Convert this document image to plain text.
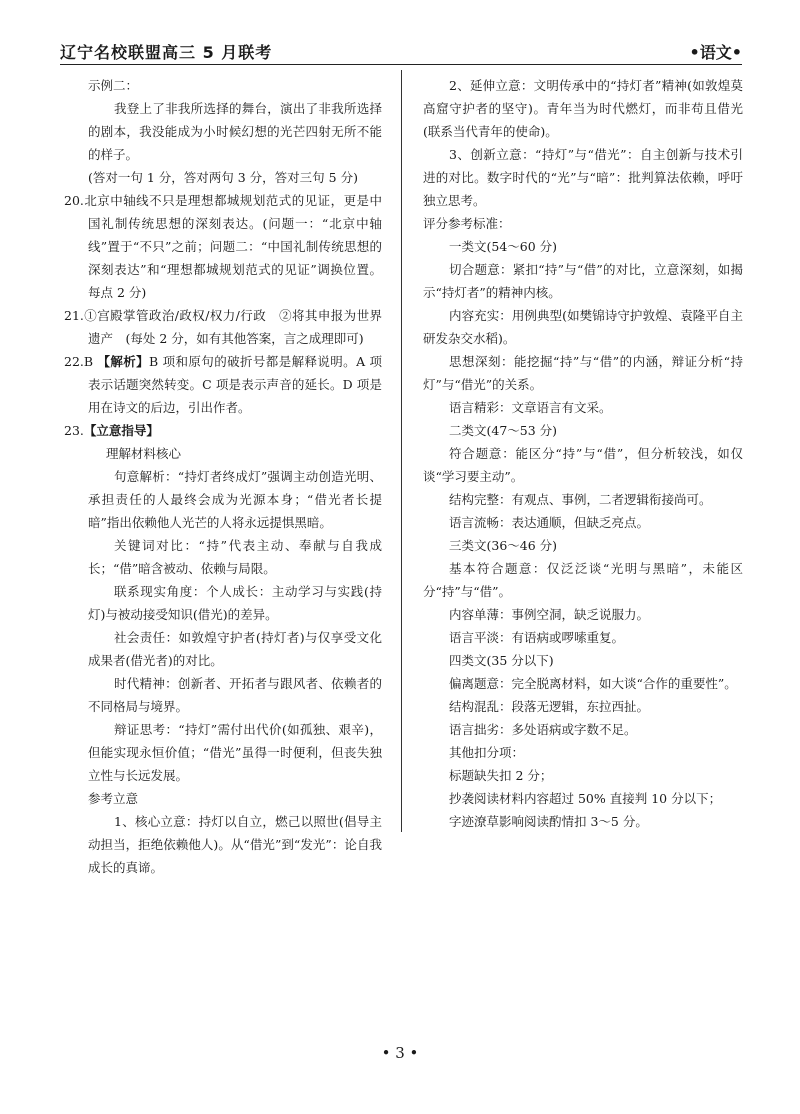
辽宁名校联盟高三 5 月联考	•语文•

示例二：

我登上了非我所选择的舞台，演出了非我所选择的剧本，我没能成为小时候幻想的光芒四射无所不能的样子。

(答对一句 1 分，答对两句 3 分，答对三句 5 分)

20.北京中轴线不只是理想都城规划范式的见证，更是中国礼制传统思想的深刻表达。(问题一：“北京中轴线”置于“不只”之前；问题二：“中国礼制传统思想的深刻表达”和“理想都城规划范式的见证”调换位置。每点 2 分)

21.①宫殿掌管政治/政权/权力/行政　②将其申报为世界遗产　(每处 2 分，如有其他答案，言之成理即可)

22.B 【解析】B 项和原句的破折号都是解释说明。A 项表示话题突然转变。C 项是表示声音的延长。D 项是用在诗文的后边，引出作者。

23.【立意指导】

理解材料核心

句意解析：“持灯者终成灯”强调主动创造光明、承担责任的人最终会成为光源本身；“借光者长提暗”指出依赖他人光芒的人将永远提惧黑暗。

关键词对比：“持”代表主动、奉献与自我成长；“借”暗含被动、依赖与局限。

联系现实角度：个人成长：主动学习与实践(持灯)与被动接受知识(借光)的差异。

社会责任：如敦煌守护者(持灯者)与仅享受文化成果者(借光者)的对比。

时代精神：创新者、开拓者与跟风者、依赖者的不同格局与境界。

辩证思考：“持灯”需付出代价(如孤独、艰辛)，但能实现永恒价值；“借光”虽得一时便利，但丧失独立性与长远发展。

参考立意

1、核心立意：持灯以自立，燃己以照世(倡导主动担当，拒绝依赖他人)。从“借光”到“发光”：论自我成长的真谛。

2、延伸立意：文明传承中的“持灯者”精神(如敦煌莫高窟守护者的坚守)。青年当为时代燃灯，而非苟且借光(联系当代青年的使命)。

3、创新立意：“持灯”与“借光”：自主创新与技术引进的对比。数字时代的“光”与“暗”：批判算法依赖，呼吁独立思考。

评分参考标准：

一类文(54～60 分)

切合题意：紧扣“持”与“借”的对比，立意深刻，如揭示“持灯者”的精神内核。

内容充实：用例典型(如樊锦诗守护敦煌、袁隆平自主研发杂交水稻)。

思想深刻：能挖掘“持”与“借”的内涵，辩证分析“持灯”与“借光”的关系。

语言精彩：文章语言有文采。

二类文(47～53 分)

符合题意：能区分“持”与“借”，但分析较浅，如仅谈“学习要主动”。

结构完整：有观点、事例，二者逻辑衔接尚可。

语言流畅：表达通顺，但缺乏亮点。

三类文(36～46 分)

基本符合题意：仅泛泛谈“光明与黑暗”，未能区分“持”与“借”。

内容单薄：事例空洞，缺乏说服力。

语言平淡：有语病或啰嗦重复。

四类文(35 分以下)

偏离题意：完全脱离材料，如大谈“合作的重要性”。

结构混乱：段落无逻辑，东拉西扯。

语言拙劣：多处语病或字数不足。

其他扣分项：

标题缺失扣 2 分；

抄袭阅读材料内容超过 50% 直接判 10 分以下；

字迹潦草影响阅读酌情扣 3～5 分。

• 3 •
